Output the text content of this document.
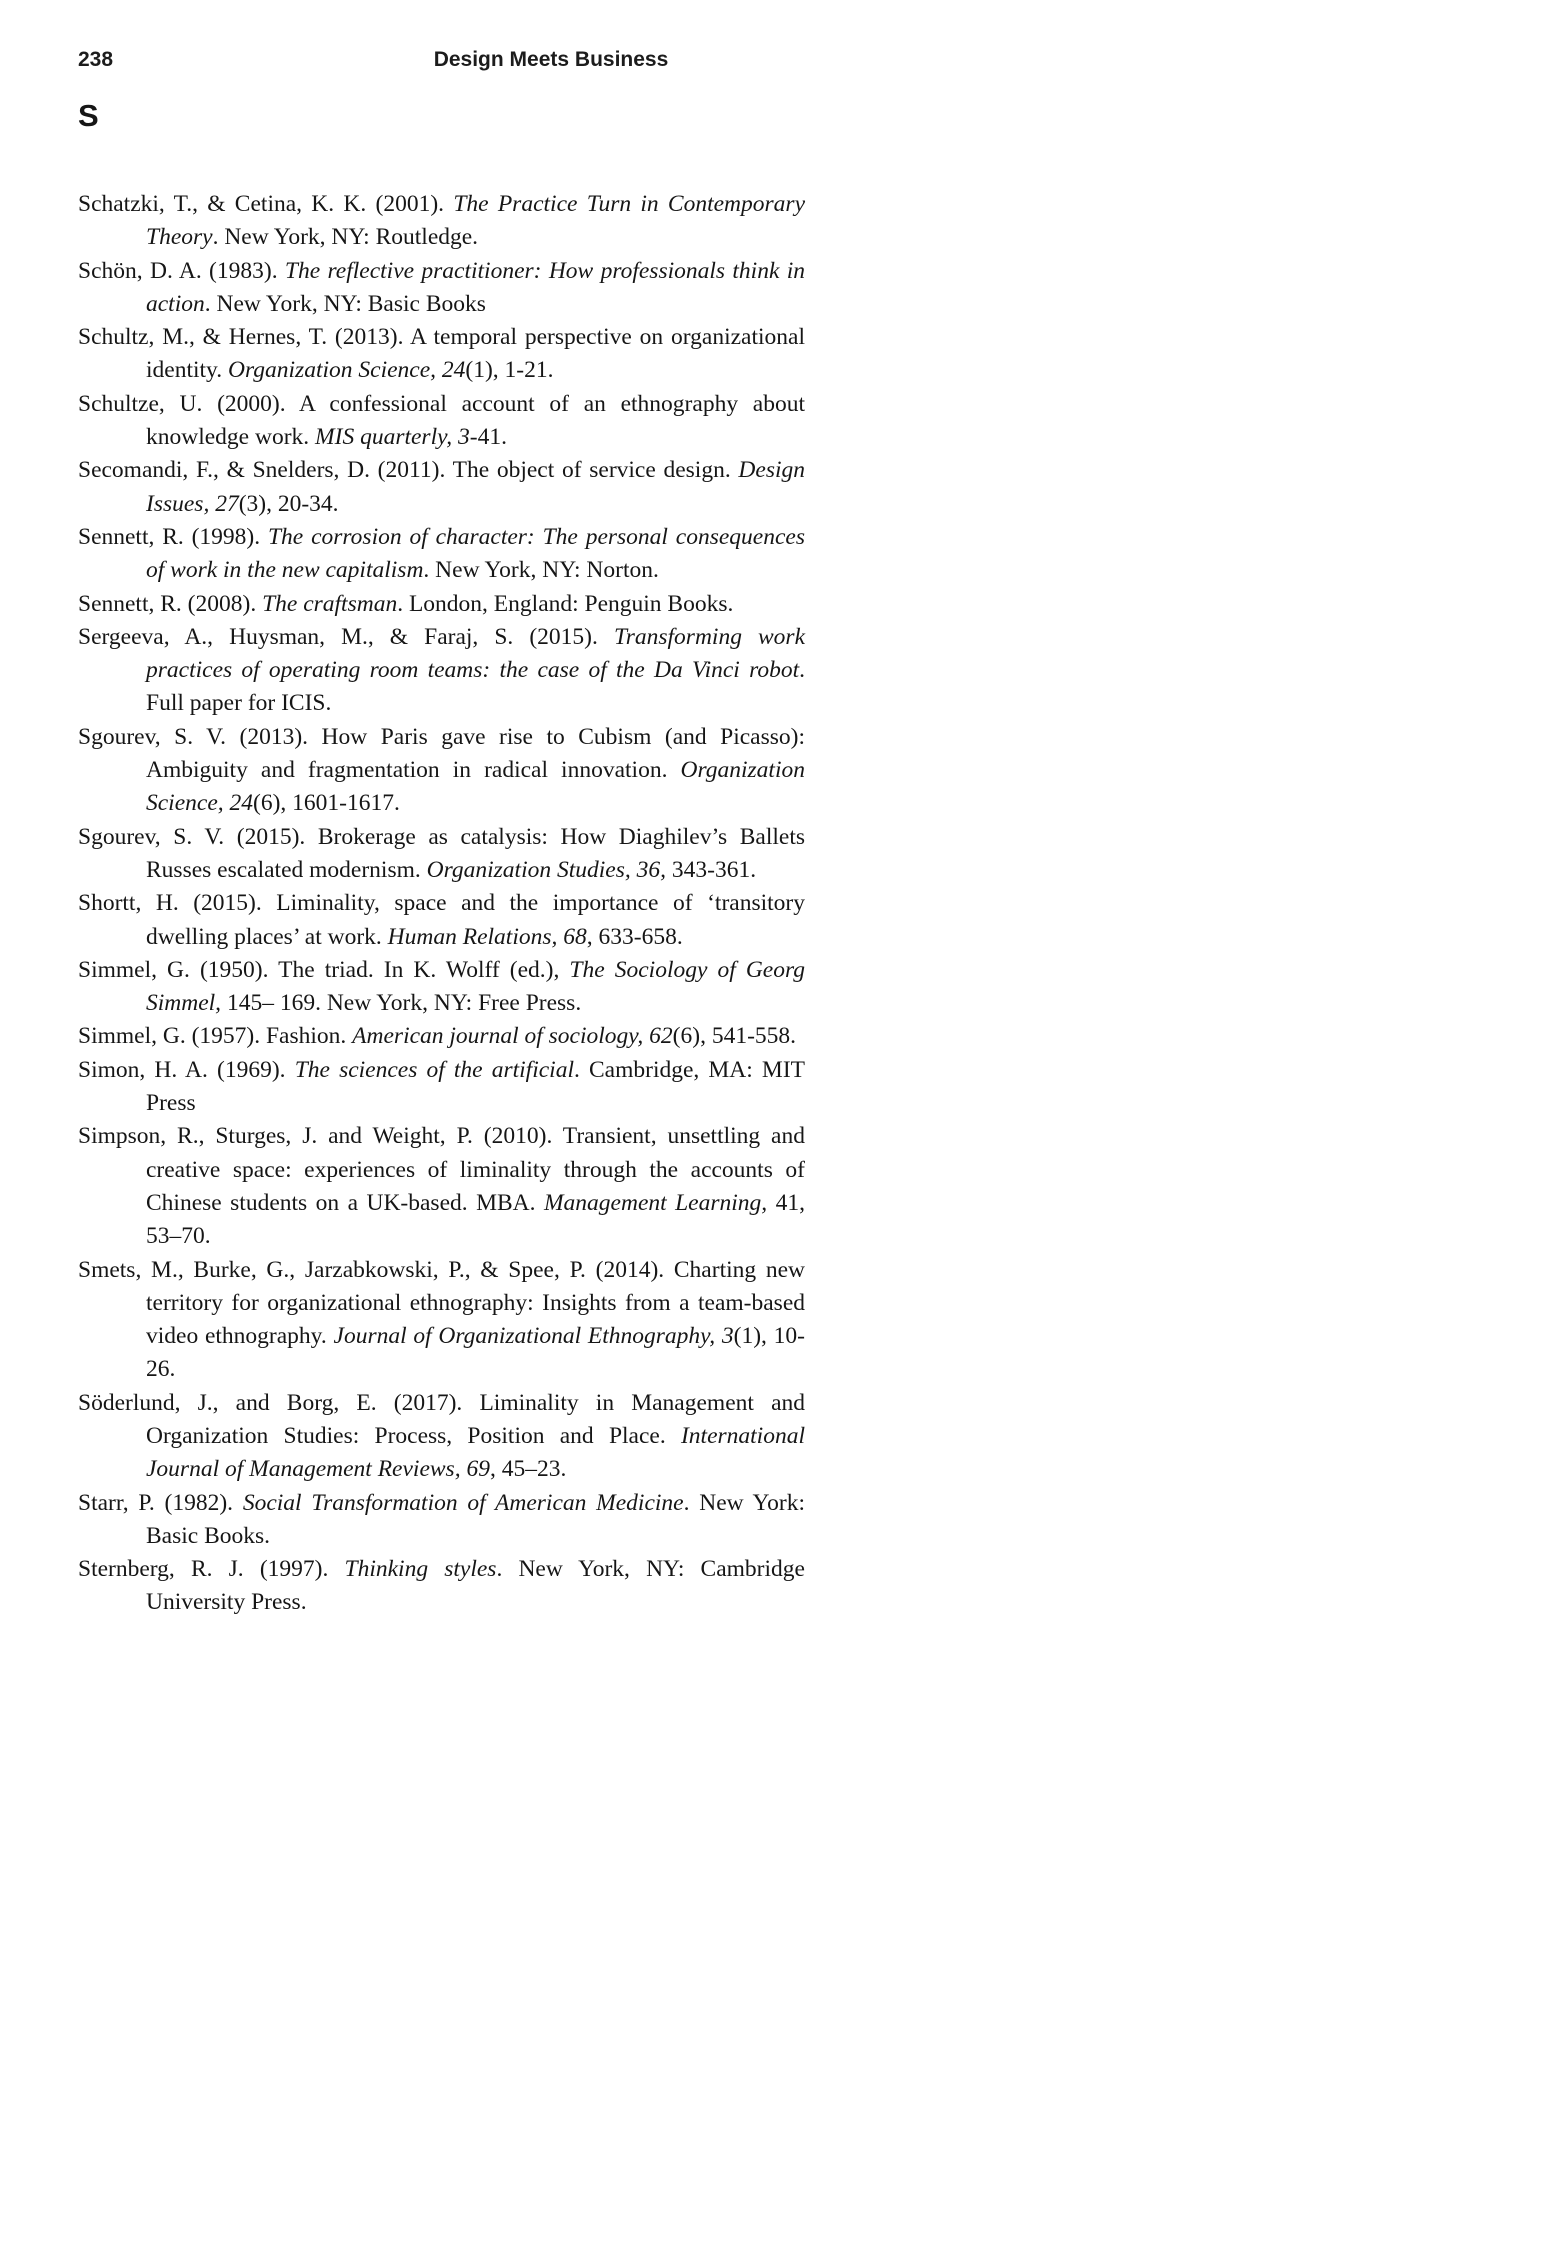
238	Design Meets Business
S

Schatzki, T., & Cetina, K. K. (2001). The Practice Turn in Contemporary Theory. New York, NY: Routledge.

Schön, D. A. (1983). The reflective practitioner: How professionals think in action. New York, NY: Basic Books

Schultz, M., & Hernes, T. (2013). A temporal perspective on organizational identity. Organization Science, 24(1), 1-21.

Schultze, U. (2000). A confessional account of an ethnography about knowledge work. MIS quarterly, 3-41.

Secomandi, F., & Snelders, D. (2011). The object of service design. Design Issues, 27(3), 20-34.

Sennett, R. (1998). The corrosion of character: The personal consequences of work in the new capitalism. New York, NY: Norton.

Sennett, R. (2008). The craftsman. London, England: Penguin Books.

Sergeeva, A., Huysman, M., & Faraj, S. (2015). Transforming work practices of operating room teams: the case of the Da Vinci robot. Full paper for ICIS.

Sgourev, S. V. (2013). How Paris gave rise to Cubism (and Picasso): Ambiguity and fragmentation in radical innovation. Organization Science, 24(6), 1601-1617.

Sgourev, S. V. (2015). Brokerage as catalysis: How Diaghilev’s Ballets Russes escalated modernism. Organization Studies, 36, 343-361.

Shortt, H. (2015). Liminality, space and the importance of ‘transitory dwelling places’ at work. Human Relations, 68, 633-658.

Simmel, G. (1950). The triad. In K. Wolff (ed.), The Sociology of Georg Simmel, 145– 169. New York, NY: Free Press.

Simmel, G. (1957). Fashion. American journal of sociology, 62(6), 541-558.

Simon, H. A. (1969). The sciences of the artificial. Cambridge, MA: MIT Press

Simpson, R., Sturges, J. and Weight, P. (2010). Transient, unsettling and creative space: experiences of liminality through the accounts of Chinese students on a UK-based. MBA. Management Learning, 41, 53–70.

Smets, M., Burke, G., Jarzabkowski, P., & Spee, P. (2014). Charting new territory for organizational ethnography: Insights from a team-based video ethnography. Journal of Organizational Ethnography, 3(1), 10-26.

Söderlund, J., and Borg, E. (2017). Liminality in Management and Organization Studies: Process, Position and Place. International Journal of Management Reviews, 69, 45–23.

Starr, P. (1982). Social Transformation of American Medicine. New York: Basic Books.

Sternberg, R. J. (1997). Thinking styles. New York, NY: Cambridge University Press.
